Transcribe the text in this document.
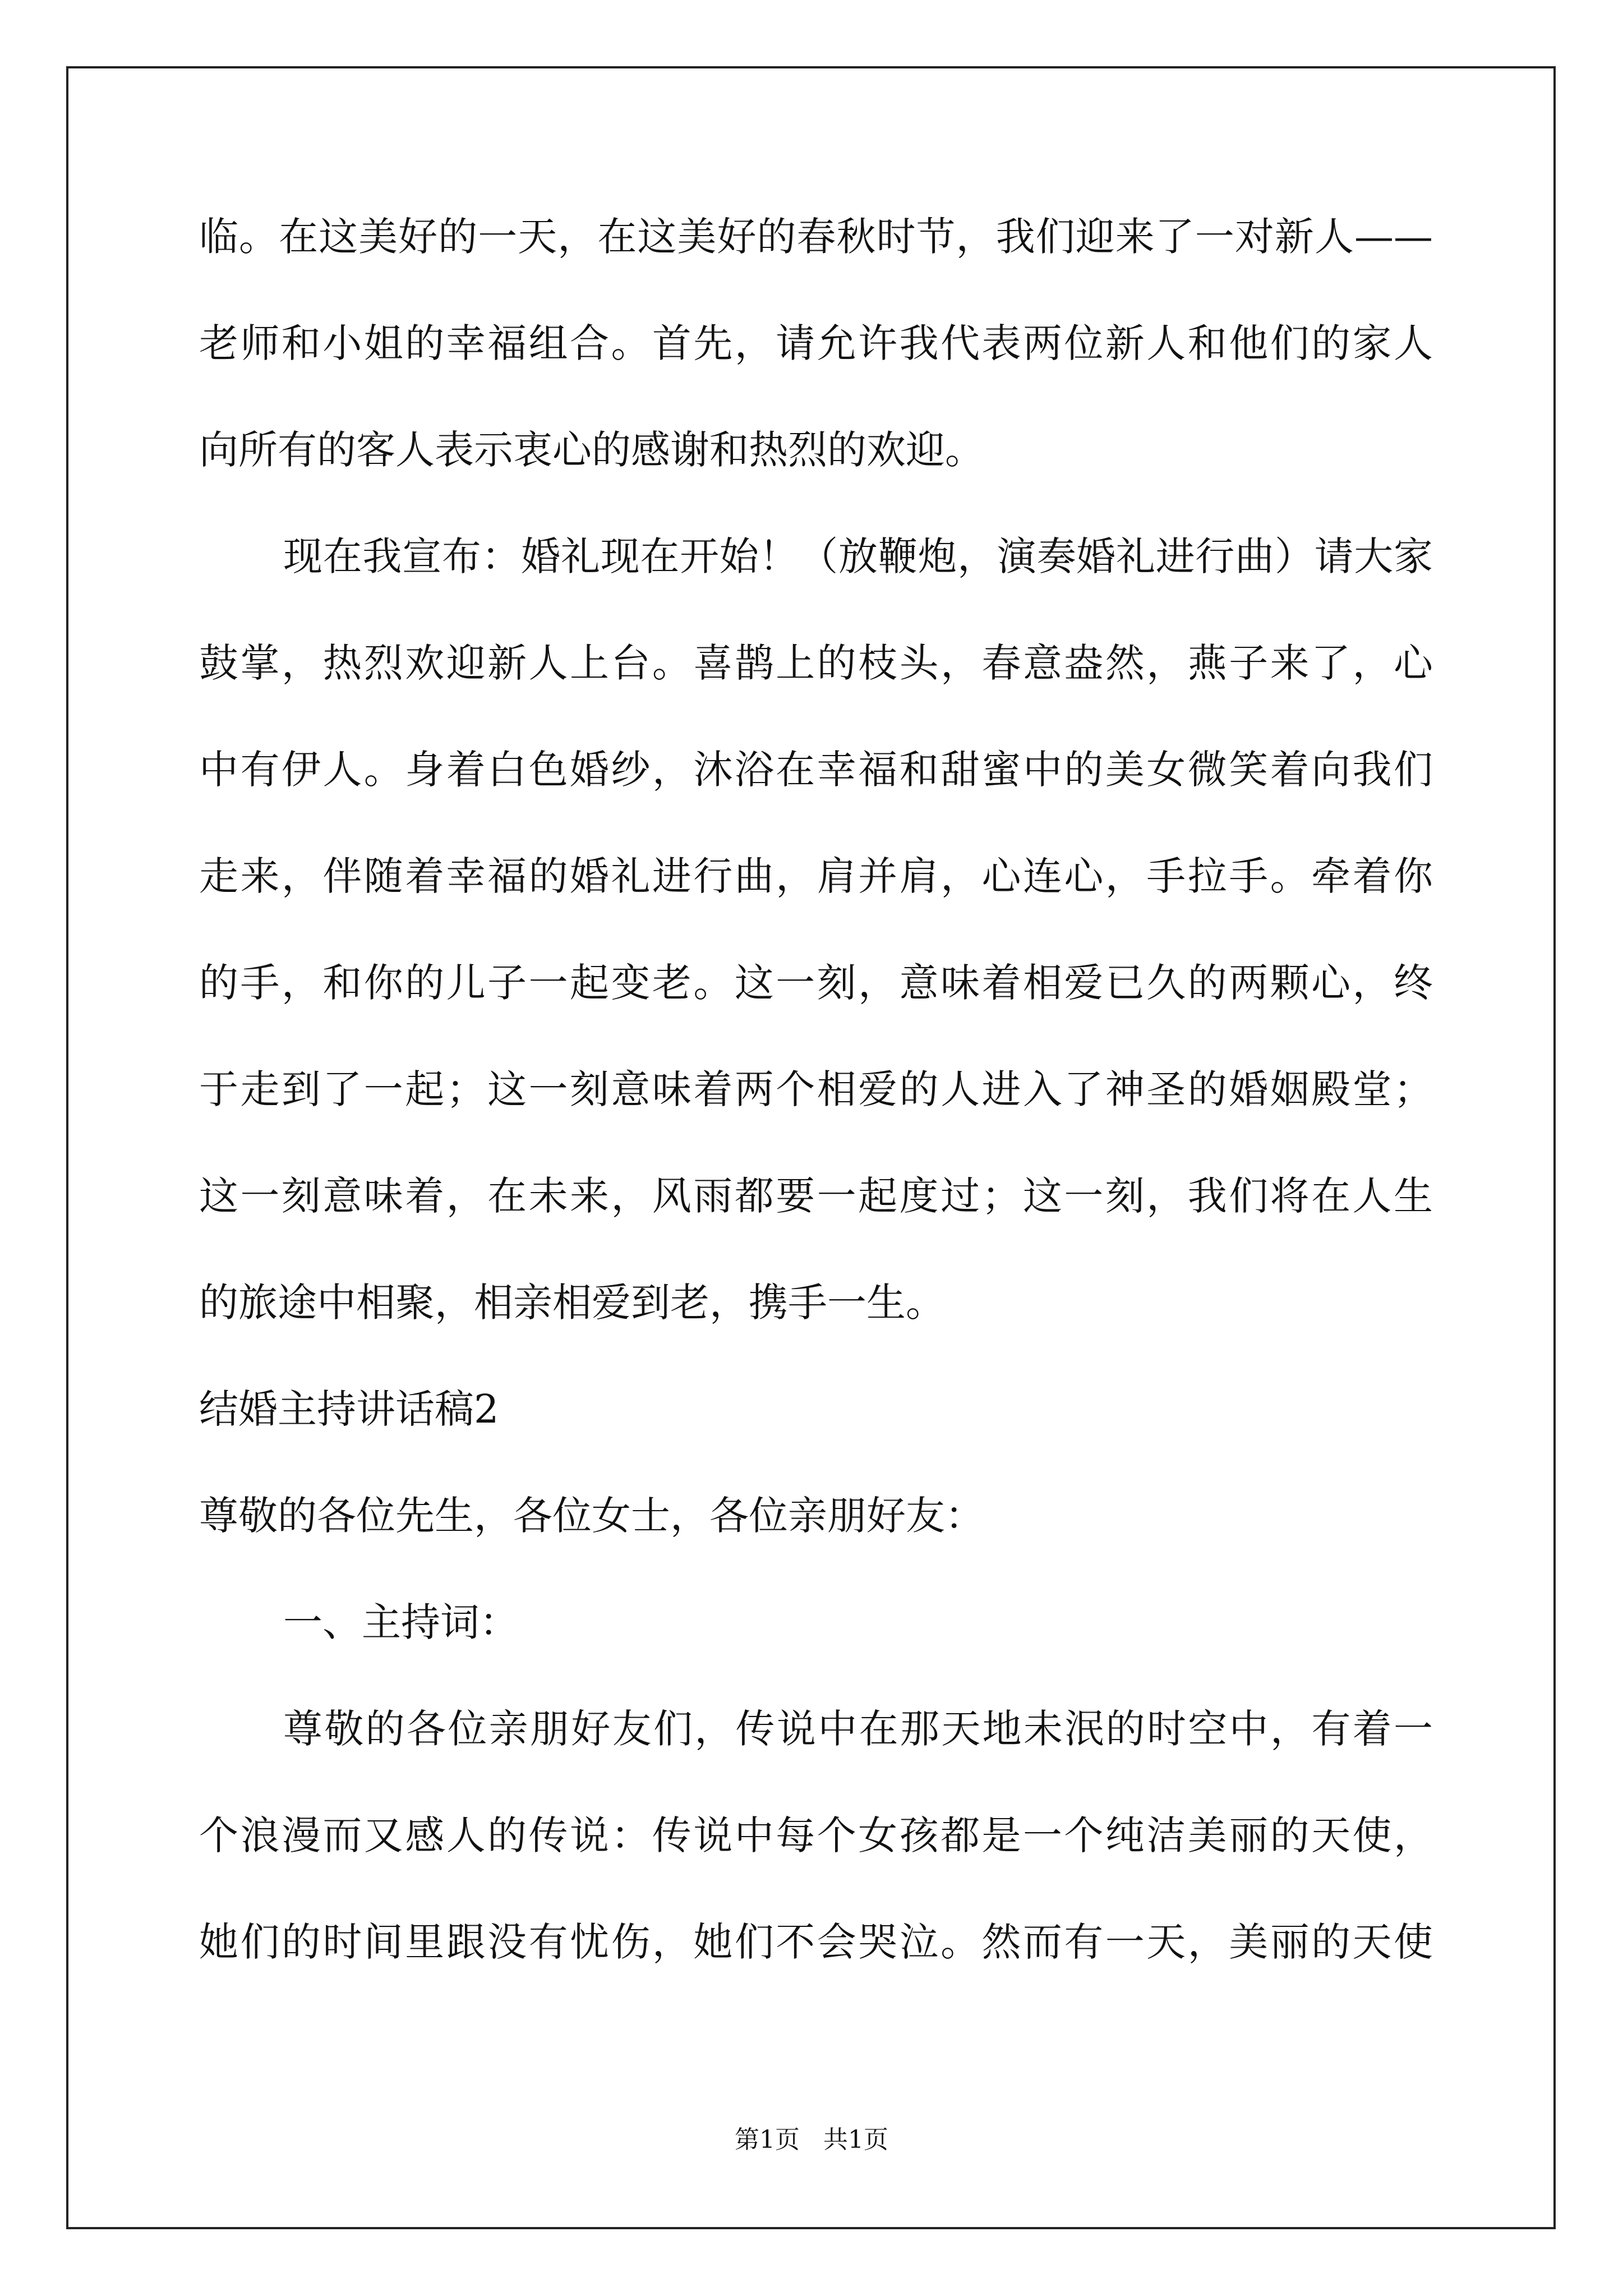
临。在这美好的一天，在这美好的春秋时节，我们迎来了一对新人——
老师和小姐的幸福组合。首先，请允许我代表两位新人和他们的家人
向所有的客人表示衷心的感谢和热烈的欢迎。
现在我宣布：婚礼现在开始！（放鞭炮，演奏婚礼进行曲）请大家
鼓掌，热烈欢迎新人上台。喜鹊上的枝头，春意盎然，燕子来了，心
中有伊人。身着白色婚纱，沐浴在幸福和甜蜜中的美女微笑着向我们
走来，伴随着幸福的婚礼进行曲，肩并肩，心连心，手拉手。牵着你
的手，和你的儿子一起变老。这一刻，意味着相爱已久的两颗心，终
于走到了一起；这一刻意味着两个相爱的人进入了神圣的婚姻殿堂；
这一刻意味着，在未来，风雨都要一起度过；这一刻，我们将在人生
的旅途中相聚，相亲相爱到老，携手一生。
结婚主持讲话稿2
尊敬的各位先生，各位女士，各位亲朋好友：
一、主持词：
尊敬的各位亲朋好友们，传说中在那天地未泯的时空中，有着一
个浪漫而又感人的传说：传说中每个女孩都是一个纯洁美丽的天使，
她们的时间里跟没有忧伤，她们不会哭泣。然而有一天，美丽的天使
第1页   共1页
